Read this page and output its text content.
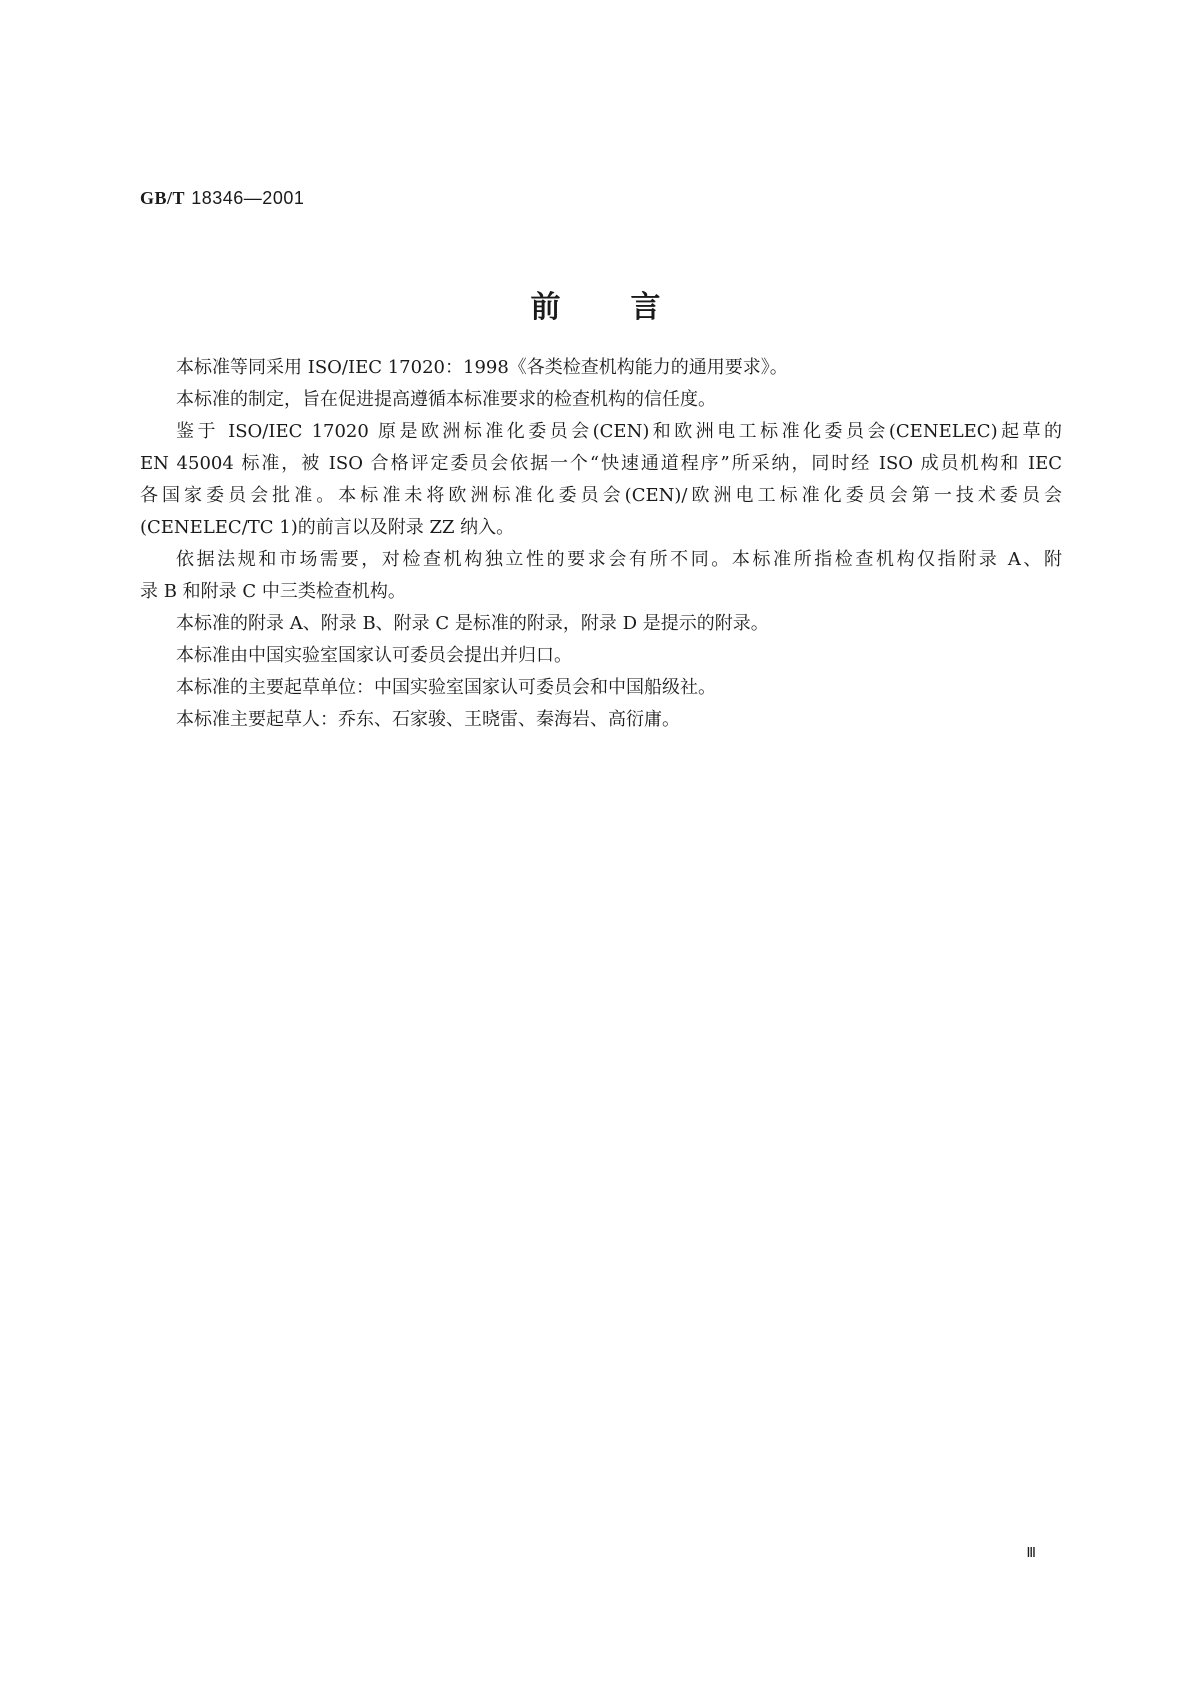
GB/T 18346—2001
前言

本标准等同采用 ISO/IEC 17020：1998《各类检查机构能力的通用要求》。

本标准的制定，旨在促进提高遵循本标准要求的检查机构的信任度。

鉴于 ISO/IEC 17020 原是欧洲标准化委员会(CEN)和欧洲电工标准化委员会(CENELEC)起草的
EN 45004 标准，被 ISO 合格评定委员会依据一个“快速通道程序”所采纳，同时经 ISO 成员机构和 IEC
各国家委员会批准。本标准未将欧洲标准化委员会(CEN)/欧洲电工标准化委员会第一技术委员会
(CENELEC/TC 1)的前言以及附录 ZZ 纳入。

依据法规和市场需要，对检查机构独立性的要求会有所不同。本标准所指检查机构仅指附录 A、附
录 B 和附录 C 中三类检查机构。

本标准的附录 A、附录 B、附录 C 是标准的附录，附录 D 是提示的附录。

本标准由中国实验室国家认可委员会提出并归口。

本标准的主要起草单位：中国实验室国家认可委员会和中国船级社。

本标准主要起草人：乔东、石家骏、王晓雷、秦海岩、高衍庸。

Ⅲ
